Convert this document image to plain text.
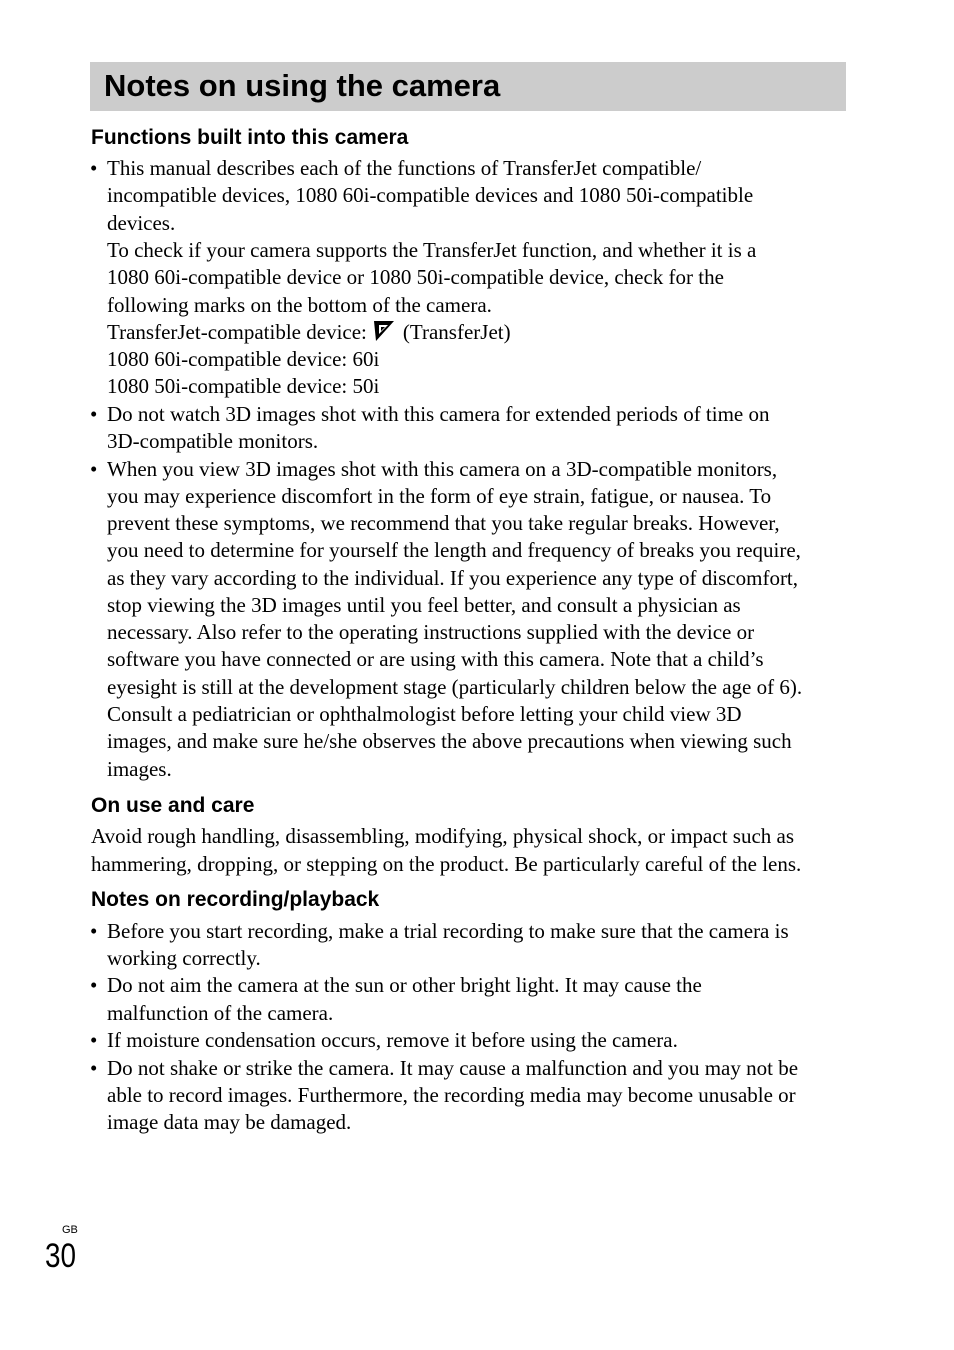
Notes on using the camera
Functions built into this camera
• This manual describes each of the functions of TransferJet compatible/
incompatible devices, 1080 60i-compatible devices and 1080 50i-compatible
devices.
To check if your camera supports the TransferJet function, and whether it is a
1080 60i-compatible device or 1080 50i-compatible device, check for the
following marks on the bottom of the camera.
TransferJet-compatible device: (TransferJet)
1080 60i-compatible device: 60i
1080 50i-compatible device: 50i
• Do not watch 3D images shot with this camera for extended periods of time on
3D-compatible monitors.
• When you view 3D images shot with this camera on a 3D-compatible monitors,
you may experience discomfort in the form of eye strain, fatigue, or nausea. To
prevent these symptoms, we recommend that you take regular breaks. However,
you need to determine for yourself the length and frequency of breaks you require,
as they vary according to the individual. If you experience any type of discomfort,
stop viewing the 3D images until you feel better, and consult a physician as
necessary. Also refer to the operating instructions supplied with the device or
software you have connected or are using with this camera. Note that a child’s
eyesight is still at the development stage (particularly children below the age of 6).
Consult a pediatrician or ophthalmologist before letting your child view 3D
images, and make sure he/she observes the above precautions when viewing such
images.
On use and care
Avoid rough handling, disassembling, modifying, physical shock, or impact such as
hammering, dropping, or stepping on the product. Be particularly careful of the lens.
Notes on recording/playback
• Before you start recording, make a trial recording to make sure that the camera is
working correctly.
• Do not aim the camera at the sun or other bright light. It may cause the
malfunction of the camera.
• If moisture condensation occurs, remove it before using the camera.
• Do not shake or strike the camera. It may cause a malfunction and you may not be
able to record images. Furthermore, the recording media may become unusable or
image data may be damaged.
GB
30
